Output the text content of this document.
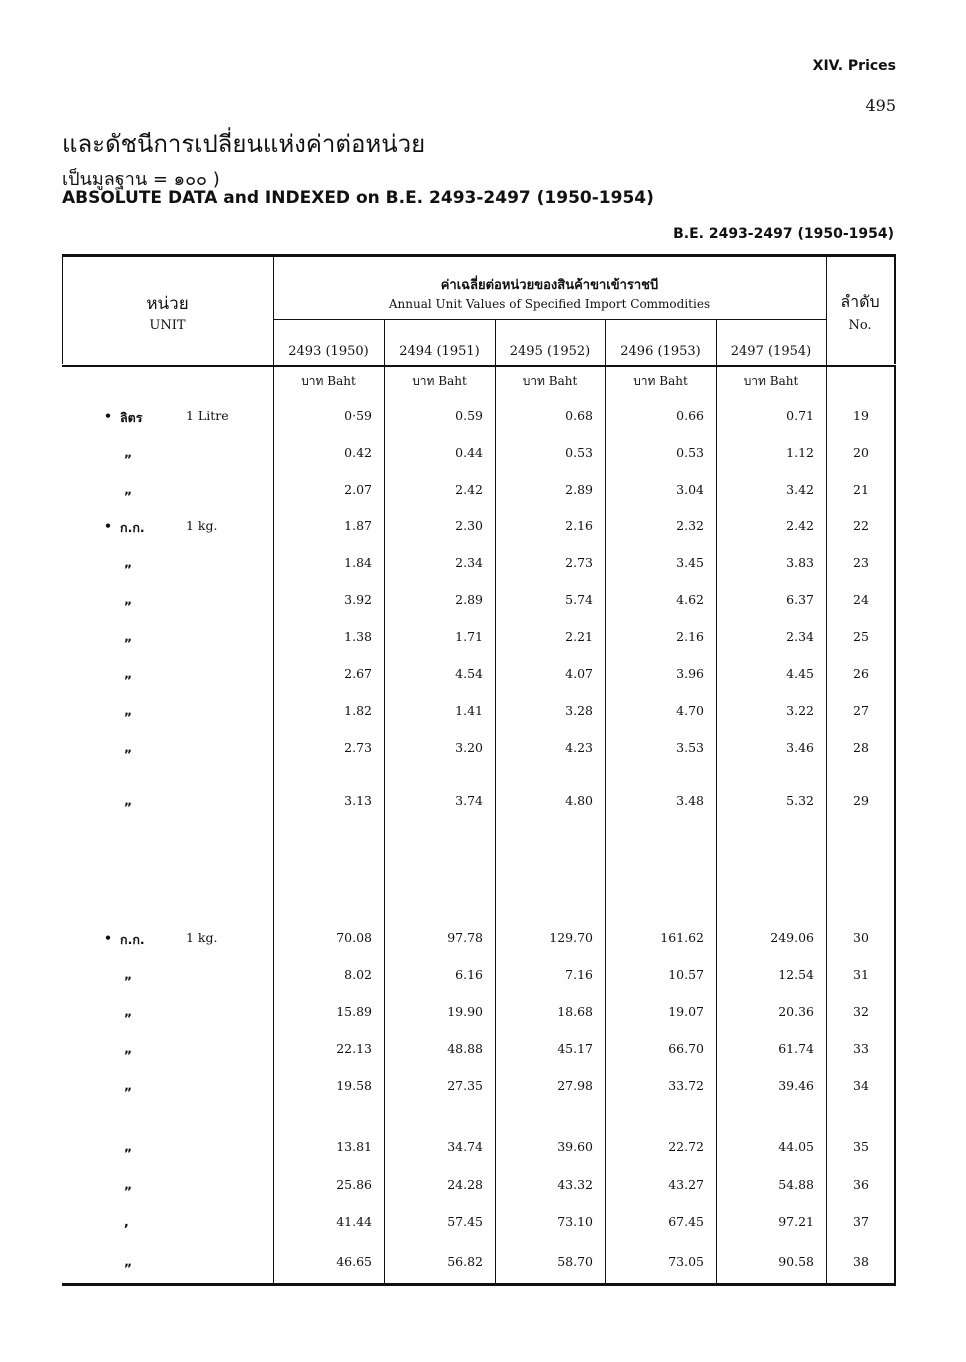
XIV. Prices
495
และดัชนีการเปลี่ยนแห่งค่าต่อหน่วย
เป็นมูลฐาน = ๑๐๐ )
ABSOLUTE DATA and INDEXED on B.E. 2493-2497 (1950-1954)
B.E. 2493-2497 (1950-1954)
หน่วย
UNIT
ค่าเฉลี่ยต่อหน่วยของสินค้าขาเข้าราชบี
Annual Unit Values of Specified Import Commodities	ลำดับ
No.
2493 (1950)	2494 (1951)	2495 (1952)	2496 (1953)	2497 (1954)
บาท Baht	บาท Baht	บาท Baht	บาท Baht	บาท Baht
• ลิตร	1 Litre	0·59	0.59	0.68	0.66	0.71	19
„	0.42	0.44	0.53	0.53	1.12	20
„	2.07	2.42	2.89	3.04	3.42	21
• ก.ก.	1 kg.	1.87	2.30	2.16	2.32	2.42	22
„	1.84	2.34	2.73	3.45	3.83	23
„	3.92	2.89	5.74	4.62	6.37	24
„	1.38	1.71	2.21	2.16	2.34	25
„	2.67	4.54	4.07	3.96	4.45	26
„	1.82	1.41	3.28	4.70	3.22	27
„	2.73	3.20	4.23	3.53	3.46	28
„	3.13	3.74	4.80	3.48	5.32	29
• ก.ก.	1 kg.	70.08	97.78	129.70	161.62	249.06	30
„	8.02	6.16	7.16	10.57	12.54	31
„	15.89	19.90	18.68	19.07	20.36	32
„	22.13	48.88	45.17	66.70	61.74	33
„	19.58	27.35	27.98	33.72	39.46	34
„	13.81	34.74	39.60	22.72	44.05	35
„	25.86	24.28	43.32	43.27	54.88	36
,	41.44	57.45	73.10	67.45	97.21	37
„	46.65	56.82	58.70	73.05	90.58	38
